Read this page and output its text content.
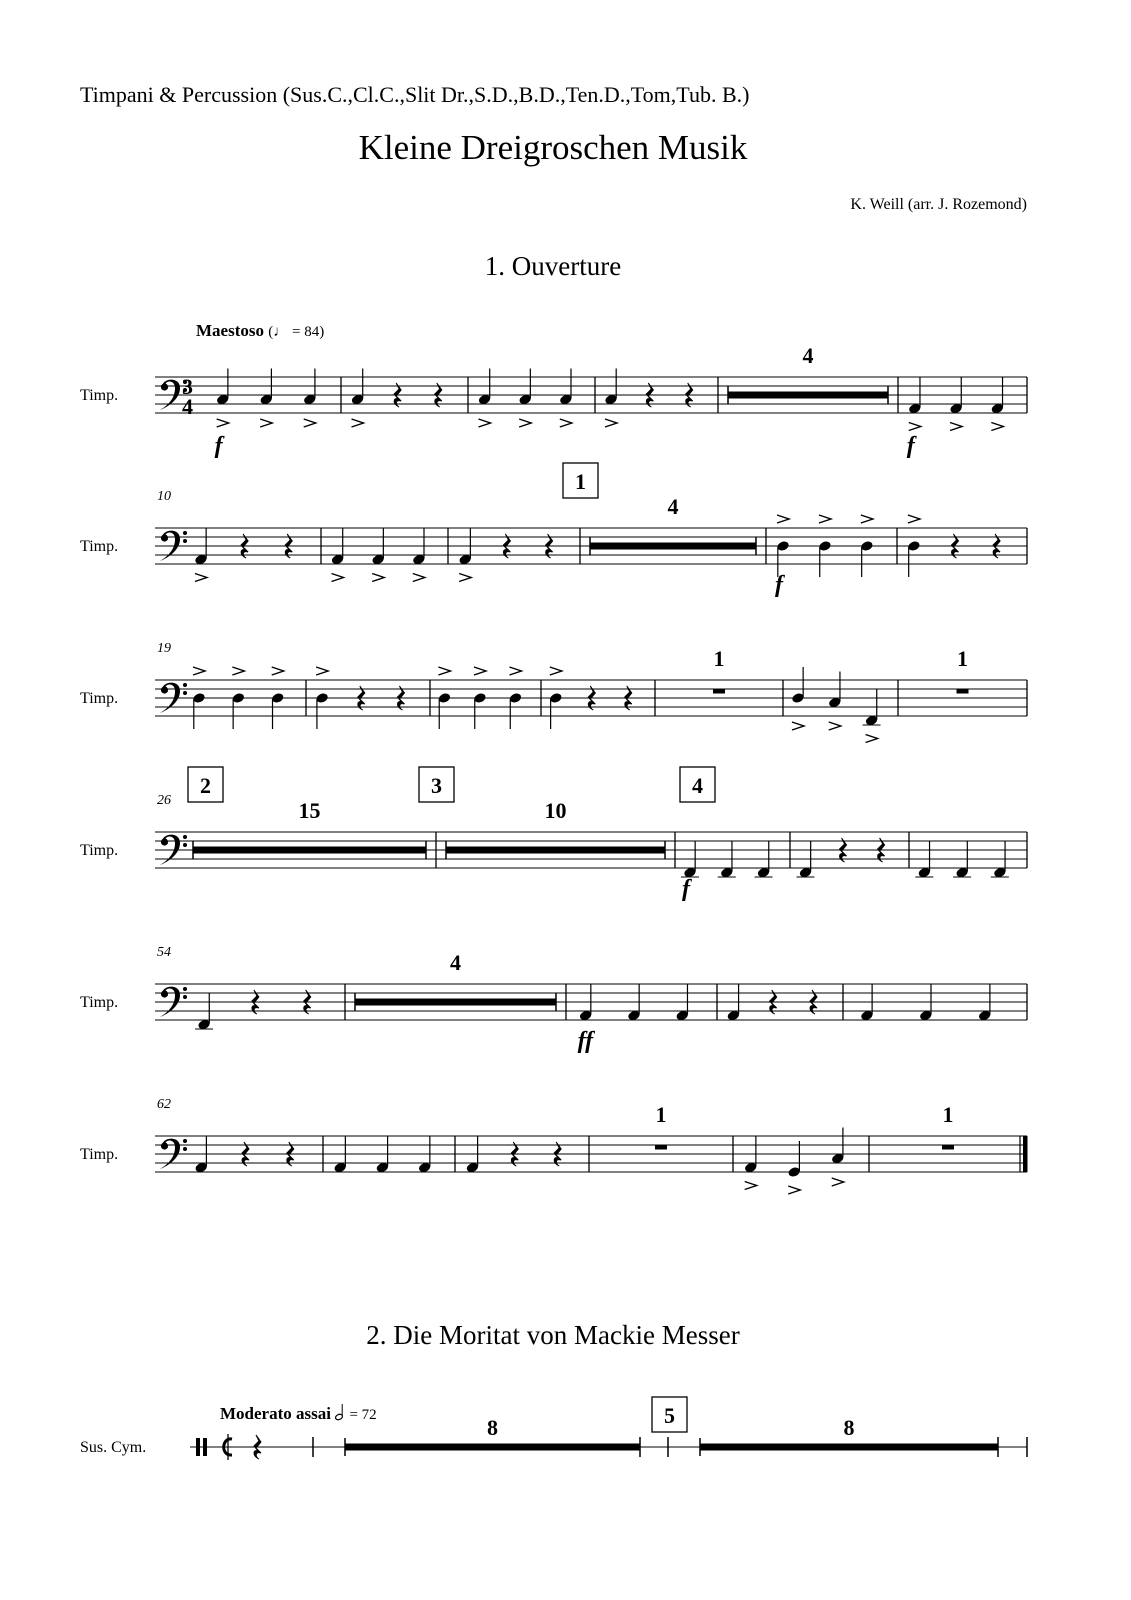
Timpani & Percussion (Sus.C.,Cl.C.,Slit Dr.,S.D.,B.D.,Ten.D.,Tom,Tub. B.)
Kleine Dreigroschen Musik
K. Weill (arr. J. Rozemond)
1. Ouverture
2. Die Moritat von Mackie Messer
Maestoso (♩ = 84)
Moderato assai = 72
Timp.	3
4
f
4
f
Timp.
10
1
4
f
Timp.
19	1	1
Timp.
26
2
15
3
10
4
f
Timp.
54	4
ff
Timp.
62	1	1
Sus. Cym.
8	8
5
